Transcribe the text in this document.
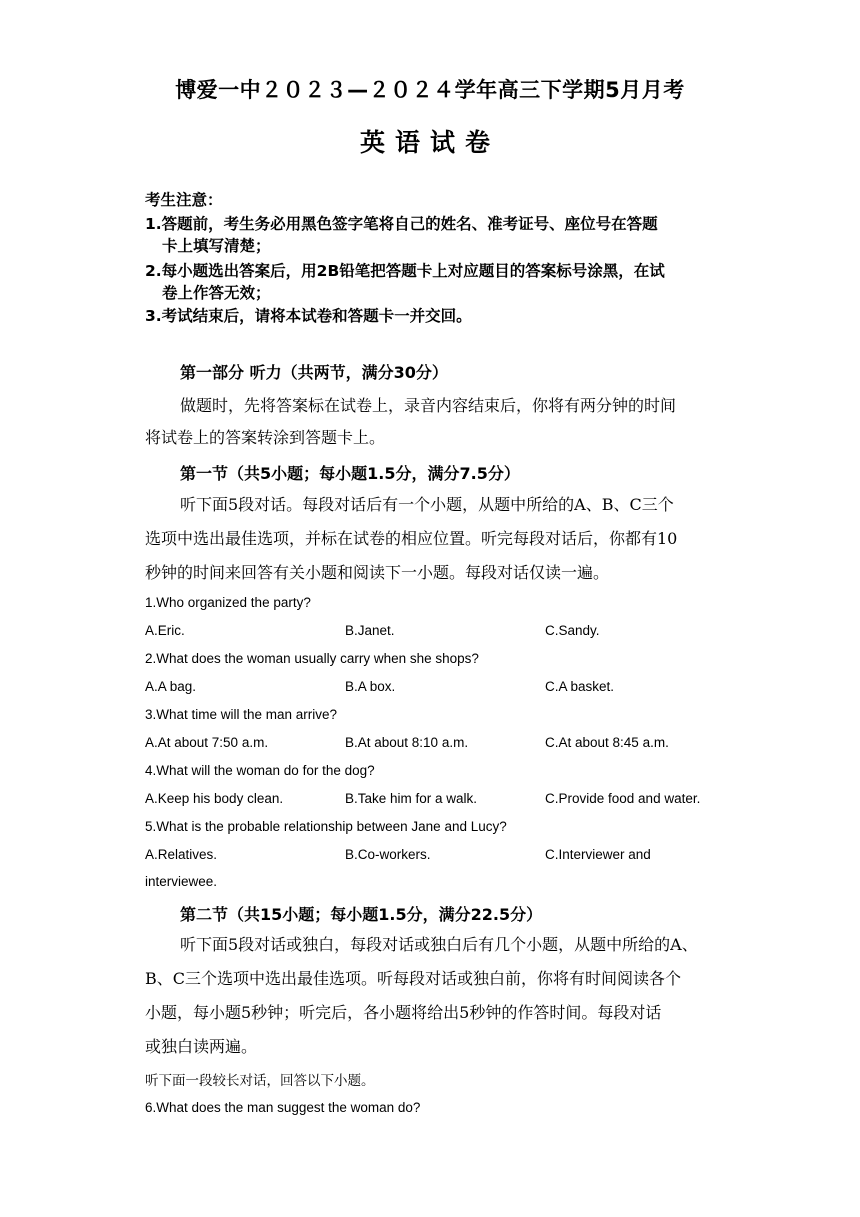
博爱一中２０２３—２０２４学年高三下学期5月月考
英语试卷
考生注意：
1.答题前，考生务必用黑色签字笔将自己的姓名、准考证号、座位号在答题
卡上填写清楚；
2.每小题选出答案后，用2B铅笔把答题卡上对应题目的答案标号涂黑，在试
卷上作答无效；
3.考试结束后，请将本试卷和答题卡一并交回。
第一部分 听力（共两节，满分30分）
做题时，先将答案标在试卷上，录音内容结束后，你将有两分钟的时间
将试卷上的答案转涂到答题卡上。
第一节（共5小题；每小题1.5分，满分7.5分）
听下面5段对话。每段对话后有一个小题，从题中所给的A、B、C三个
选项中选出最佳选项，并标在试卷的相应位置。听完每段对话后，你都有10
秒钟的时间来回答有关小题和阅读下一小题。每段对话仅读一遍。
1.Who organized the party?
A.Eric.	B.Janet.	C.Sandy.
2.What does the woman usually carry when she shops?
A.A bag.	B.A box.	C.A basket.
3.What time will the man arrive?
A.At about 7:50 a.m.	B.At about 8:10 a.m.	C.At about 8:45 a.m.
4.What will the woman do for the dog?
A.Keep his body clean.	B.Take him for a walk.	C.Provide food and water.
5.What is the probable relationship between Jane and Lucy?
A.Relatives.	B.Co-workers.	C.Interviewer and
interviewee.
第二节（共15小题；每小题1.5分，满分22.5分）
听下面5段对话或独白，每段对话或独白后有几个小题，从题中所给的A、
B、C三个选项中选出最佳选项。听每段对话或独白前，你将有时间阅读各个
小题，每小题5秒钟；听完后，各小题将给出5秒钟的作答时间。每段对话
或独白读两遍。
听下面一段较长对话，回答以下小题。
6.What does the man suggest the woman do?
